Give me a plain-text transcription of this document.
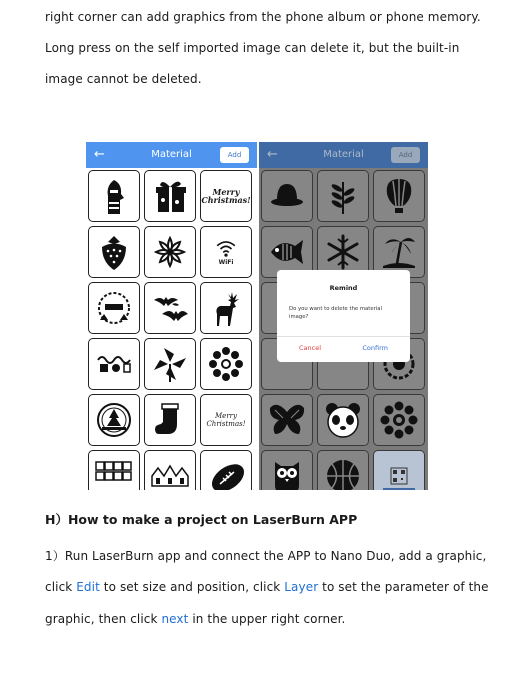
right corner can add graphics from the phone album or phone memory.
Long press on the self imported image can delete it, but the built-in
image cannot be deleted.
←	Material	Add
Merry Christmas!
WiFi
Merry Christmas!
←	Material	Add
Remind
Do you want to delete the material image?
Cancel	Confirm
H）How to make a project on LaserBurn APP
1）Run LaserBurn app and connect the APP to Nano Duo, add a graphic,
click Edit to set size and position, click Layer to set the parameter of the
graphic, then click next in the upper right corner.
